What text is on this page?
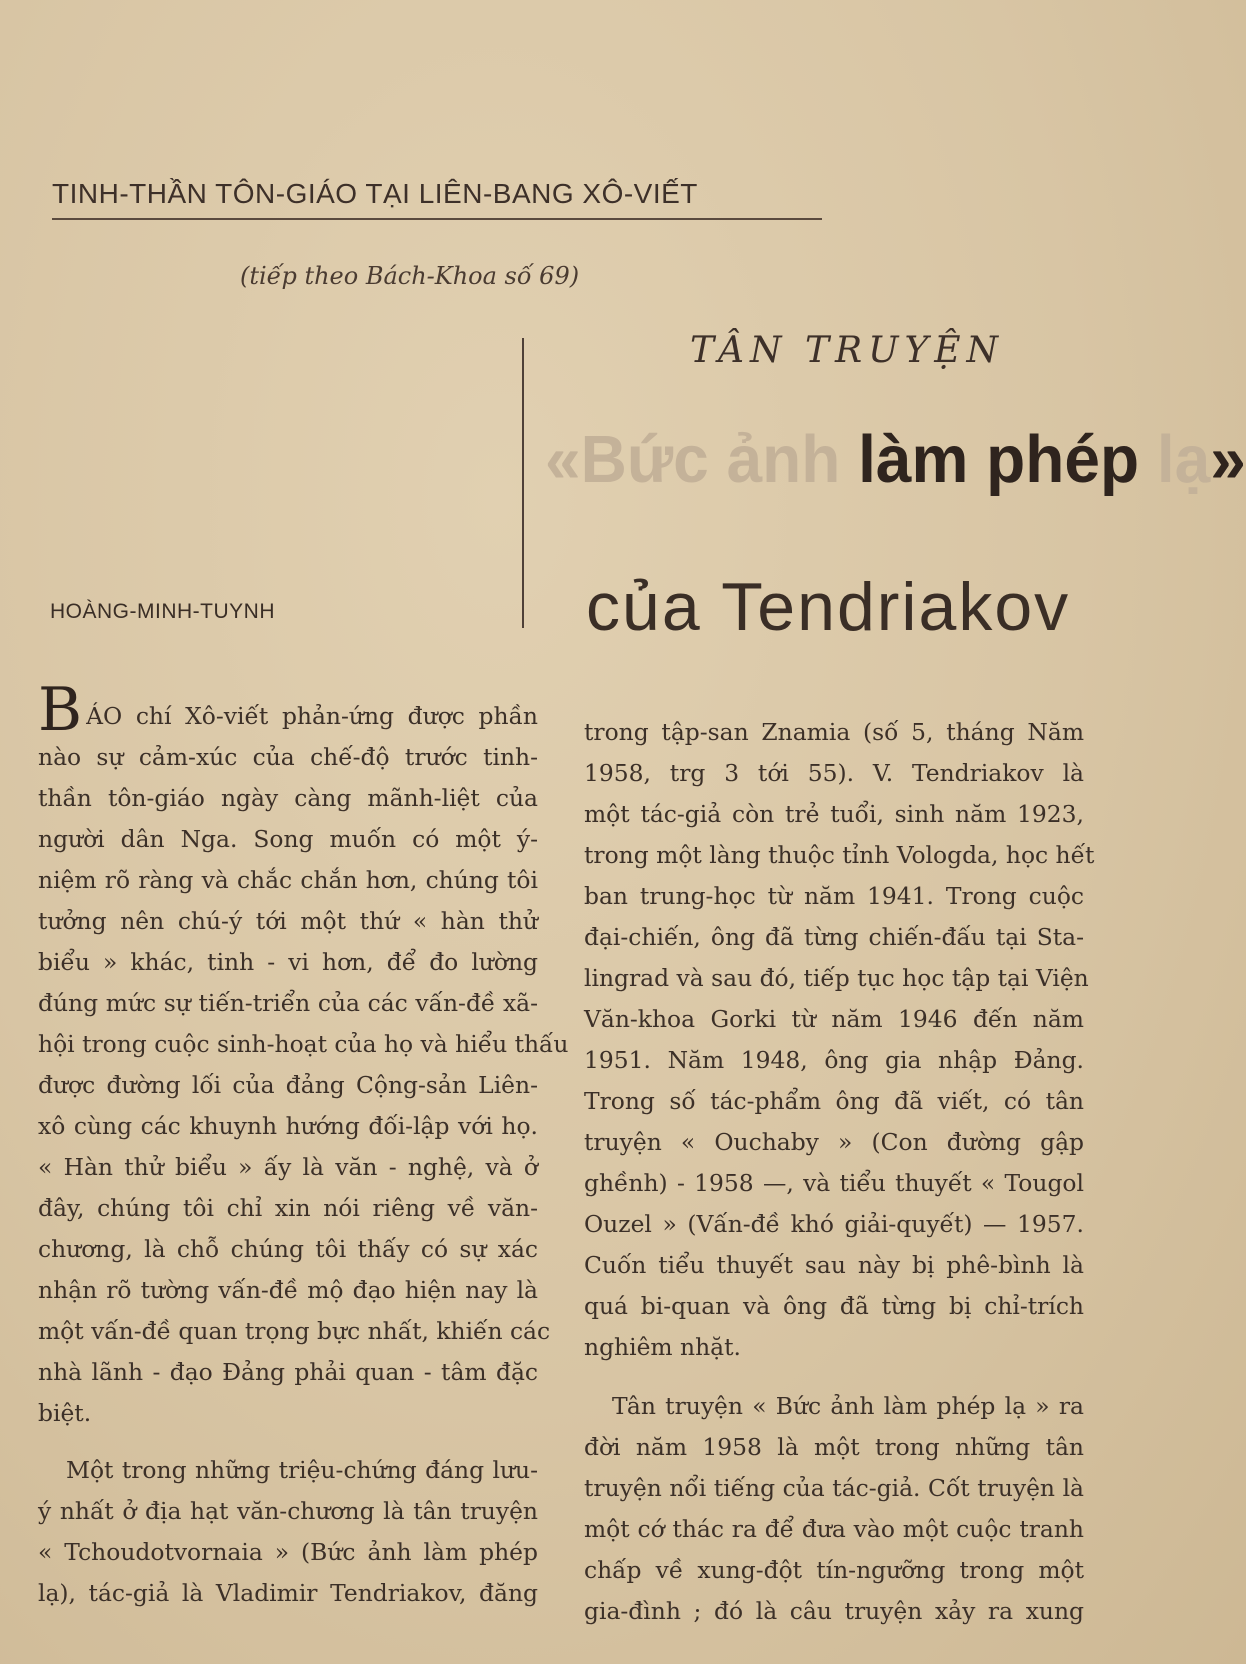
TINH-THẦN TÔN-GIÁO TẠI LIÊN-BANG XÔ-VIẾT
(tiếp theo Bách-Khoa số 69)
TÂN TRUYỆN
«Bức ảnh làm phép lạ»
của Tendriakov
HOÀNG-MINH-TUYNH
B ÁO chí Xô-viết phản-ứng được phần
nào sự cảm-xúc của chế-độ trước tinh-
thần tôn-giáo ngày càng mãnh-liệt của
người dân Nga. Song muốn có một ý-
niệm rõ ràng và chắc chắn hơn, chúng tôi
tưởng nên chú-ý tới một thứ « hàn thử
biểu » khác, tinh - vi hơn, để đo lường
đúng mức sự tiến-triển của các vấn-đề xã-
hội trong cuộc sinh-hoạt của họ và hiểu thấu
được đường lối của đảng Cộng-sản Liên-
xô cùng các khuynh hướng đối-lập với họ.
« Hàn thử biểu » ấy là văn - nghệ, và ở
đây, chúng tôi chỉ xin nói riêng về văn-
chương, là chỗ chúng tôi thấy có sự xác
nhận rõ tường vấn-đề mộ đạo hiện nay là
một vấn-đề quan trọng bực nhất, khiến các
nhà lãnh - đạo Đảng phải quan - tâm đặc
biệt.
Một trong những triệu-chứng đáng lưu-
ý nhất ở địa hạt văn-chương là tân truyện
« Tchoudotvornaia » (Bức ảnh làm phép
lạ), tác-giả là Vladimir Tendriakov, đăng
trong tập-san Znamia (số 5, tháng Năm
1958, trg 3 tới 55). V. Tendriakov là
một tác-giả còn trẻ tuổi, sinh năm 1923,
trong một làng thuộc tỉnh Vologda, học hết
ban trung-học từ năm 1941. Trong cuộc
đại-chiến, ông đã từng chiến-đấu tại Sta-
lingrad và sau đó, tiếp tục học tập tại Viện
Văn-khoa Gorki từ năm 1946 đến năm
1951. Năm 1948, ông gia nhập Đảng.
Trong số tác-phẩm ông đã viết, có tân
truyện « Ouchaby » (Con đường gập
ghềnh) - 1958 —, và tiểu thuyết « Tougol
Ouzel » (Vấn-đề khó giải-quyết) — 1957.
Cuốn tiểu thuyết sau này bị phê-bình là
quá bi-quan và ông đã từng bị chỉ-trích
nghiêm nhặt.
Tân truyện « Bức ảnh làm phép lạ » ra
đời năm 1958 là một trong những tân
truyện nổi tiếng của tác-giả. Cốt truyện là
một cớ thác ra để đưa vào một cuộc tranh
chấp về xung-đột tín-ngưỡng trong một
gia-đình ; đó là câu truyện xảy ra xung
